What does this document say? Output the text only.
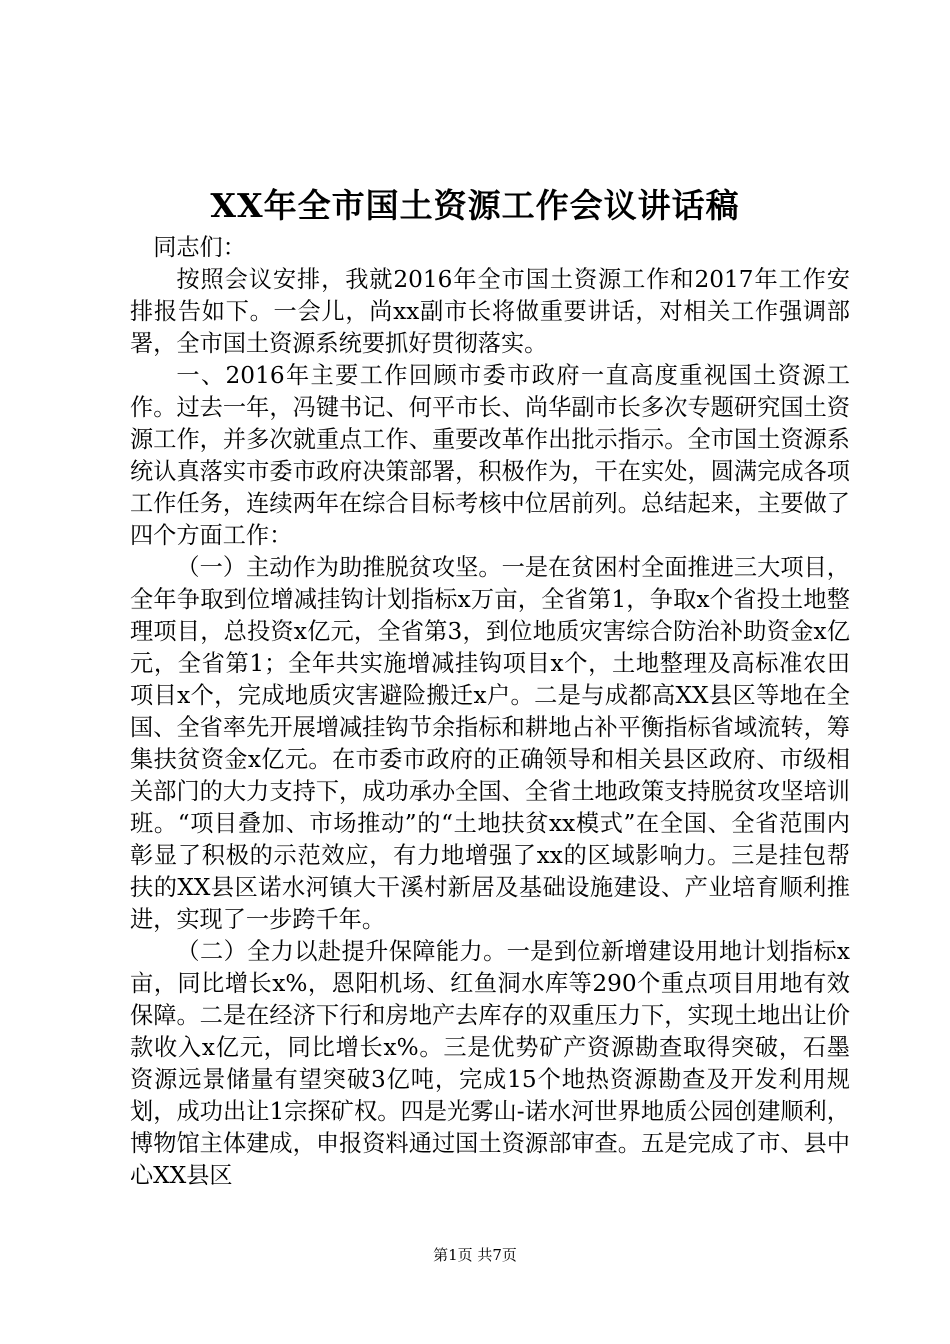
XX年全市国土资源工作会议讲话稿

同志们：

按照会议安排，我就2016年全市国土资源工作和2017年工作安排报告如下。一会儿，尚xx副市长将做重要讲话，对相关工作强调部署，全市国土资源系统要抓好贯彻落实。

一、2016年主要工作回顾市委市政府一直高度重视国土资源工作。过去一年，冯键书记、何平市长、尚华副市长多次专题研究国土资源工作，并多次就重点工作、重要改革作出批示指示。全市国土资源系统认真落实市委市政府决策部署，积极作为，干在实处，圆满完成各项工作任务，连续两年在综合目标考核中位居前列。总结起来，主要做了四个方面工作：

（一）主动作为助推脱贫攻坚。一是在贫困村全面推进三大项目，全年争取到位增减挂钩计划指标x万亩，全省第1，争取x个省投土地整理项目，总投资x亿元，全省第3，到位地质灾害综合防治补助资金x亿元，全省第1；全年共实施增减挂钩项目x个，土地整理及高标准农田项目x个，完成地质灾害避险搬迁x户。二是与成都高XX县区等地在全国、全省率先开展增减挂钩节余指标和耕地占补平衡指标省域流转，筹集扶贫资金x亿元。在市委市政府的正确领导和相关县区政府、市级相关部门的大力支持下，成功承办全国、全省土地政策支持脱贫攻坚培训班。“项目叠加、市场推动”的“土地扶贫xx模式”在全国、全省范围内彰显了积极的示范效应，有力地增强了xx的区域影响力。三是挂包帮扶的XX县区诺水河镇大干溪村新居及基础设施建设、产业培育顺利推进，实现了一步跨千年。

（二）全力以赴提升保障能力。一是到位新增建设用地计划指标x亩，同比增长x%，恩阳机场、红鱼洞水库等290个重点项目用地有效保障。二是在经济下行和房地产去库存的双重压力下，实现土地出让价款收入x亿元，同比增长x%。三是优势矿产资源勘查取得突破，石墨资源远景储量有望突破3亿吨，完成15个地热资源勘查及开发利用规划，成功出让1宗探矿权。四是光雾山-诺水河世界地质公园创建顺利，博物馆主体建成，申报资料通过国土资源部审查。五是完成了市、县中心XX县区

第1页 共7页
